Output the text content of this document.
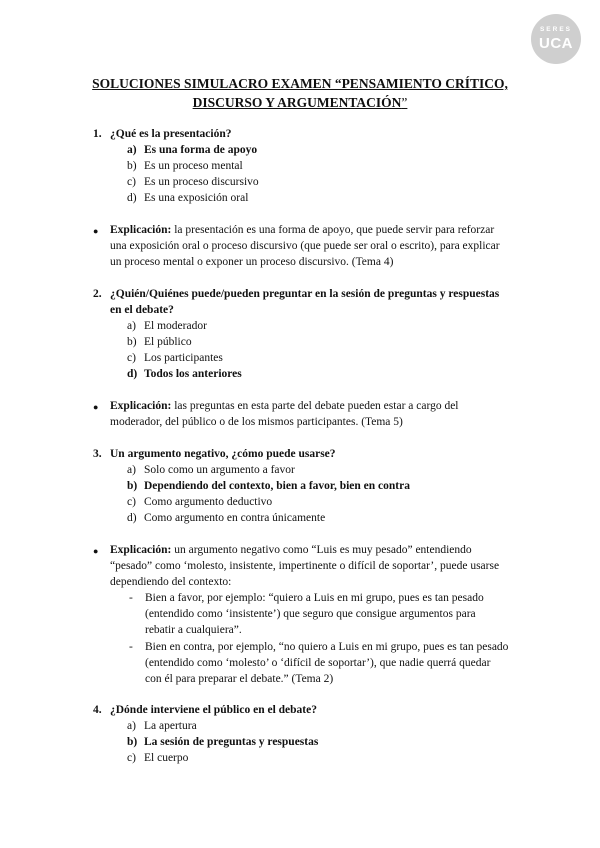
SERES
UCA
SOLUCIONES SIMULACRO EXAMEN “PENSAMIENTO CRÍTICO,
DISCURSO Y ARGUMENTACIÓN”
1. ¿Qué es la presentación?
a) Es una forma de apoyo
b) Es un proceso mental
c) Es un proceso discursivo
d) Es una exposición oral
● Explicación: la presentación es una forma de apoyo, que puede servir para reforzar
una exposición oral o proceso discursivo (que puede ser oral o escrito), para explicar
un proceso mental o exponer un proceso discursivo. (Tema 4)
2. ¿Quién/Quiénes puede/pueden preguntar en la sesión de preguntas y respuestas
en el debate?
a) El moderador
b) El público
c) Los participantes
d) Todos los anteriores
● Explicación: las preguntas en esta parte del debate pueden estar a cargo del
moderador, del público o de los mismos participantes. (Tema 5)
3. Un argumento negativo, ¿cómo puede usarse?
a) Solo como un argumento a favor
b) Dependiendo del contexto, bien a favor, bien en contra
c) Como argumento deductivo
d) Como argumento en contra únicamente
● Explicación: un argumento negativo como “Luis es muy pesado” entendiendo
“pesado” como ‘molesto, insistente, impertinente o difícil de soportar’, puede usarse
dependiendo del contexto:
- Bien a favor, por ejemplo: “quiero a Luis en mi grupo, pues es tan pesado
(entendido como ‘insistente’) que seguro que consigue argumentos para
rebatir a cualquiera”.
- Bien en contra, por ejemplo, “no quiero a Luis en mi grupo, pues es tan pesado
(entendido como ‘molesto’ o ‘difícil de soportar’), que nadie querrá quedar
con él para preparar el debate.” (Tema 2)
4. ¿Dónde interviene el público en el debate?
a) La apertura
b) La sesión de preguntas y respuestas
c) El cuerpo
